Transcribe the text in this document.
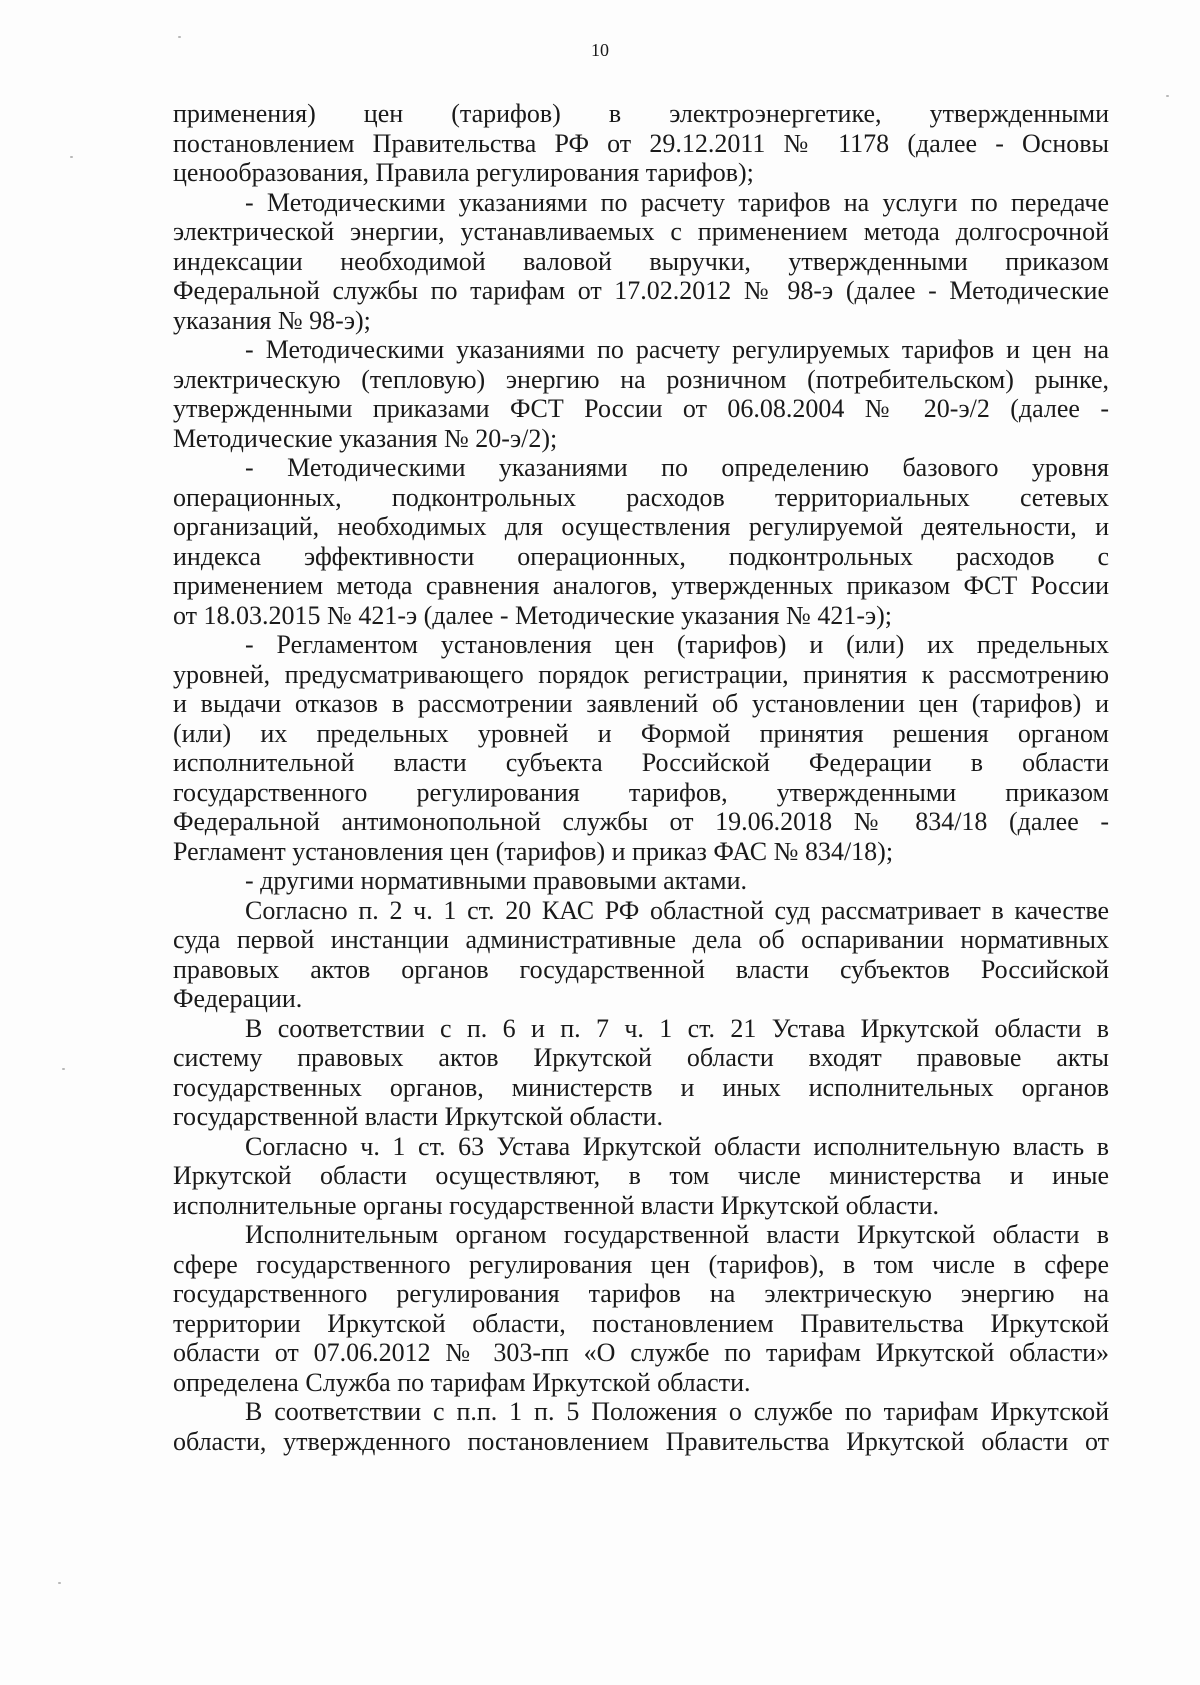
10

применения) цен (тарифов) в электроэнергетике, утвержденными

постановлением Правительства РФ от 29.12.2011 № 1178 (далее - Основы

ценообразования, Правила регулирования тарифов);

- Методическими указаниями по расчету тарифов на услуги по передаче

электрической энергии, устанавливаемых с применением метода долгосрочной

индексации необходимой валовой выручки, утвержденными приказом

Федеральной службы по тарифам от 17.02.2012 № 98-э (далее - Методические

указания № 98-э);

- Методическими указаниями по расчету регулируемых тарифов и цен на

электрическую (тепловую) энергию на розничном (потребительском) рынке,

утвержденными приказами ФСТ России от 06.08.2004 № 20-э/2 (далее -

Методические указания № 20-э/2);

- Методическими указаниями по определению базового уровня

операционных, подконтрольных расходов территориальных сетевых

организаций, необходимых для осуществления регулируемой деятельности, и

индекса эффективности операционных, подконтрольных расходов с

применением метода сравнения аналогов, утвержденных приказом ФСТ России

от 18.03.2015 № 421-э (далее - Методические указания № 421-э);

- Регламентом установления цен (тарифов) и (или) их предельных

уровней, предусматривающего порядок регистрации, принятия к рассмотрению

и выдачи отказов в рассмотрении заявлений об установлении цен (тарифов) и

(или) их предельных уровней и Формой принятия решения органом

исполнительной власти субъекта Российской Федерации в области

государственного регулирования тарифов, утвержденными приказом

Федеральной антимонопольной службы от 19.06.2018 № 834/18 (далее -

Регламент установления цен (тарифов) и приказ ФАС № 834/18);

- другими нормативными правовыми актами.

Согласно п. 2 ч. 1 ст. 20 КАС РФ областной суд рассматривает в качестве

суда первой инстанции административные дела об оспаривании нормативных

правовых актов органов государственной власти субъектов Российской

Федерации.

В соответствии с п. 6 и п. 7 ч. 1 ст. 21 Устава Иркутской области в

систему правовых актов Иркутской области входят правовые акты

государственных органов, министерств и иных исполнительных органов

государственной власти Иркутской области.

Согласно ч. 1 ст. 63 Устава Иркутской области исполнительную власть в

Иркутской области осуществляют, в том числе министерства и иные

исполнительные органы государственной власти Иркутской области.

Исполнительным органом государственной власти Иркутской области в

сфере государственного регулирования цен (тарифов), в том числе в сфере

государственного регулирования тарифов на электрическую энергию на

территории Иркутской области, постановлением Правительства Иркутской

области от 07.06.2012 № 303-пп «О службе по тарифам Иркутской области»

определена Служба по тарифам Иркутской области.

В соответствии с п.п. 1 п. 5 Положения о службе по тарифам Иркутской

области, утвержденного постановлением Правительства Иркутской области от
